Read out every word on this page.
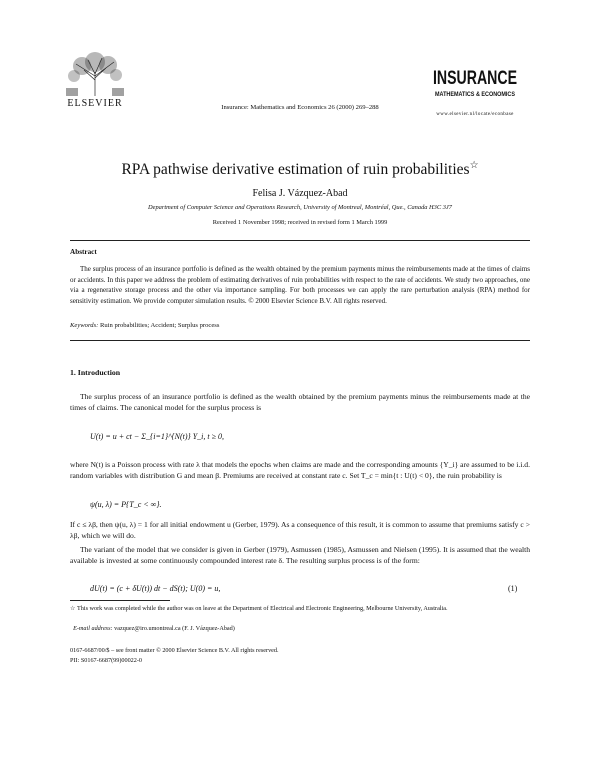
ELSEVIER	Insurance: Mathematics and Economics 26 (2000) 269–288
INSURANCE
MATHEMATICS & ECONOMICS
www.elsevier.nl/locate/econbase
RPA pathwise derivative estimation of ruin probabilities☆
Felisa J. Vázquez-Abad
Department of Computer Science and Operations Research, University of Montreal, Montréal, Que., Canada H3C 3J7
Received 1 November 1998; received in revised form 1 March 1999
Abstract
The surplus process of an insurance portfolio is defined as the wealth obtained by the premium payments minus the reimbursements made at the times of claims or accidents. In this paper we address the problem of estimating derivatives of ruin probabilities with respect to the rate of accidents. We study two approaches, one via a regenerative storage process and the other via importance sampling. For both processes we can apply the rare perturbation analysis (RPA) method for sensitivity estimation. We provide computer simulation results. © 2000 Elsevier Science B.V. All rights reserved.
Keywords: Ruin probabilities; Accident; Surplus process
1. Introduction
The surplus process of an insurance portfolio is defined as the wealth obtained by the premium payments minus the reimbursements made at the times of claims. The canonical model for the surplus process is
U(t) = u + ct − Σ_{i=1}^{N(t)} Y_i, t ≥ 0,
where N(t) is a Poisson process with rate λ that models the epochs when claims are made and the corresponding amounts {Y_i} are assumed to be i.i.d. random variables with distribution G and mean β. Premiums are received at constant rate c. Set T_c = min{t : U(t) < 0}, the ruin probability is
ψ(u, λ) = P{T_c < ∞}.
If c ≤ λβ, then ψ(u, λ) = 1 for all initial endowment u (Gerber, 1979). As a consequence of this result, it is common to assume that premiums satisfy c > λβ, which we will do.
The variant of the model that we consider is given in Gerber (1979), Asmussen (1985), Asmussen and Nielsen (1995). It is assumed that the wealth available is invested at some continuously compounded interest rate δ. The resulting surplus process is of the form:
dU(t) = (c + δU(t)) dt − dS(t); U(0) = u,	(1)
☆ This work was completed while the author was on leave at the Department of Electrical and Electronic Engineering, Melbourne University, Australia.
E-mail address: vazquez@iro.umontreal.ca (F. J. Vázquez-Abad)
0167-6687/00/$ – see front matter © 2000 Elsevier Science B.V. All rights reserved.
PII: S0167-6687(99)00022-0
